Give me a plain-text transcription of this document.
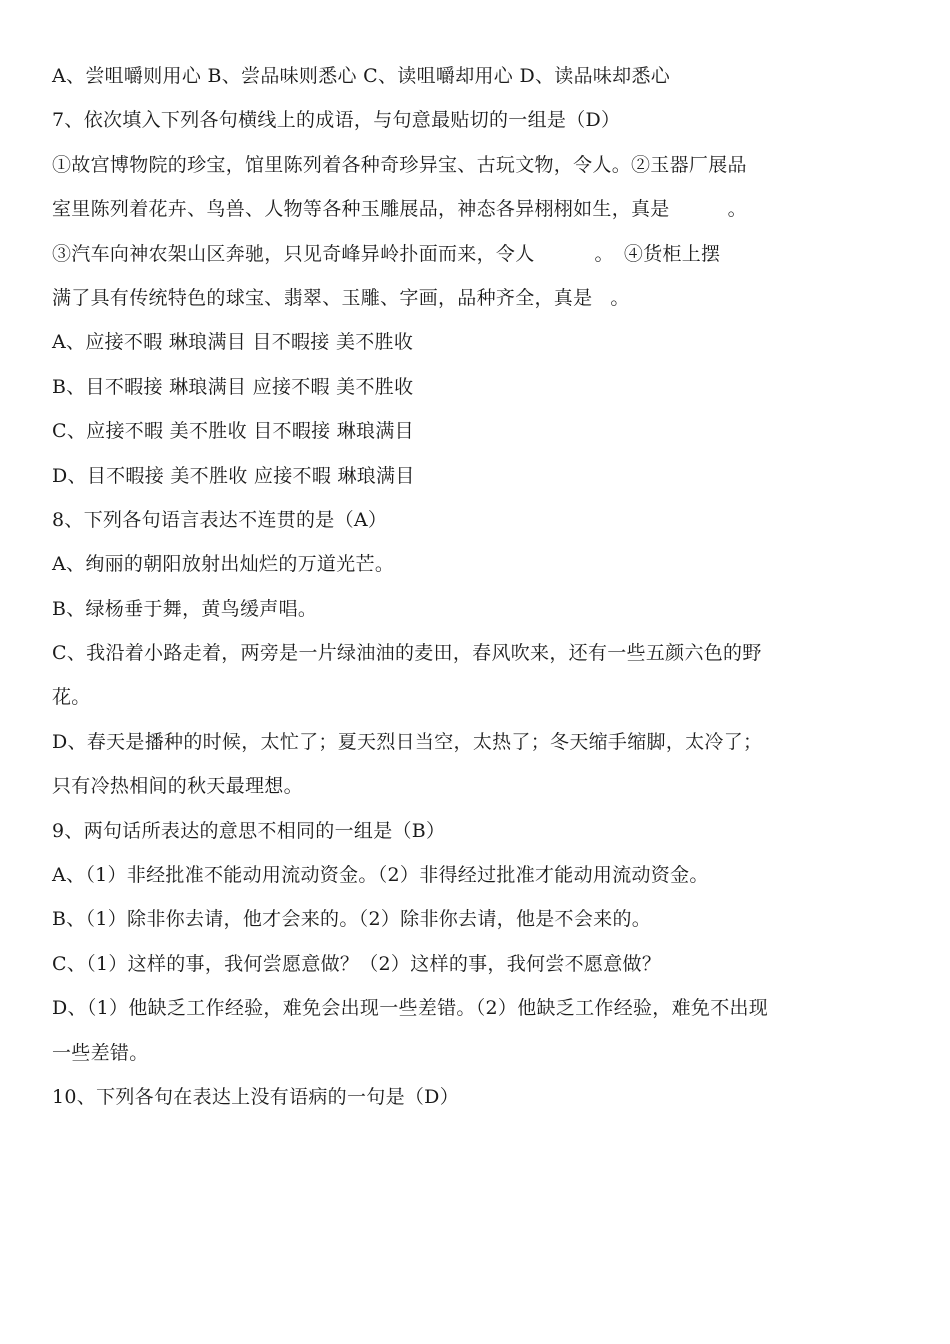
A、尝咀嚼则用心 B、尝品味则悉心 C、读咀嚼却用心 D、读品味却悉心
7、依次填入下列各句横线上的成语，与句意最贴切的一组是（D）
①故宫博物院的珍宝，馆里陈列着各种奇珍异宝、古玩文物，令人。②玉器厂展品
室里陈列着花卉、鸟兽、人物等各种玉雕展品，神态各异栩栩如生，真是	。
③汽车向神农架山区奔驰，只见奇峰异岭扑面而来，令人	。 ④货柜上摆
满了具有传统特色的球宝、翡翠、玉雕、字画，品种齐全，真是 。
A、应接不暇 琳琅满目 目不暇接 美不胜收
B、目不暇接 琳琅满目 应接不暇 美不胜收
C、应接不暇 美不胜收 目不暇接 琳琅满目
D、目不暇接 美不胜收 应接不暇 琳琅满目
8、下列各句语言表达不连贯的是（A）
A、绚丽的朝阳放射出灿烂的万道光芒。
B、绿杨垂于舞，黄鸟缓声唱。
C、我沿着小路走着，两旁是一片绿油油的麦田，春风吹来，还有一些五颜六色的野
花。
D、春天是播种的时候，太忙了；夏天烈日当空，太热了；冬天缩手缩脚，太冷了；
只有冷热相间的秋天最理想。
9、两句话所表达的意思不相同的一组是（B）
A、（1）非经批准不能动用流动资金。（2）非得经过批准才能动用流动资金。
B、（1）除非你去请，他才会来的。（2）除非你去请，他是不会来的。
C、（1）这样的事，我何尝愿意做？（2）这样的事，我何尝不愿意做？
D、（1）他缺乏工作经验，难免会出现一些差错。（2）他缺乏工作经验，难免不出现
一些差错。
10、下列各句在表达上没有语病的一句是（D）
